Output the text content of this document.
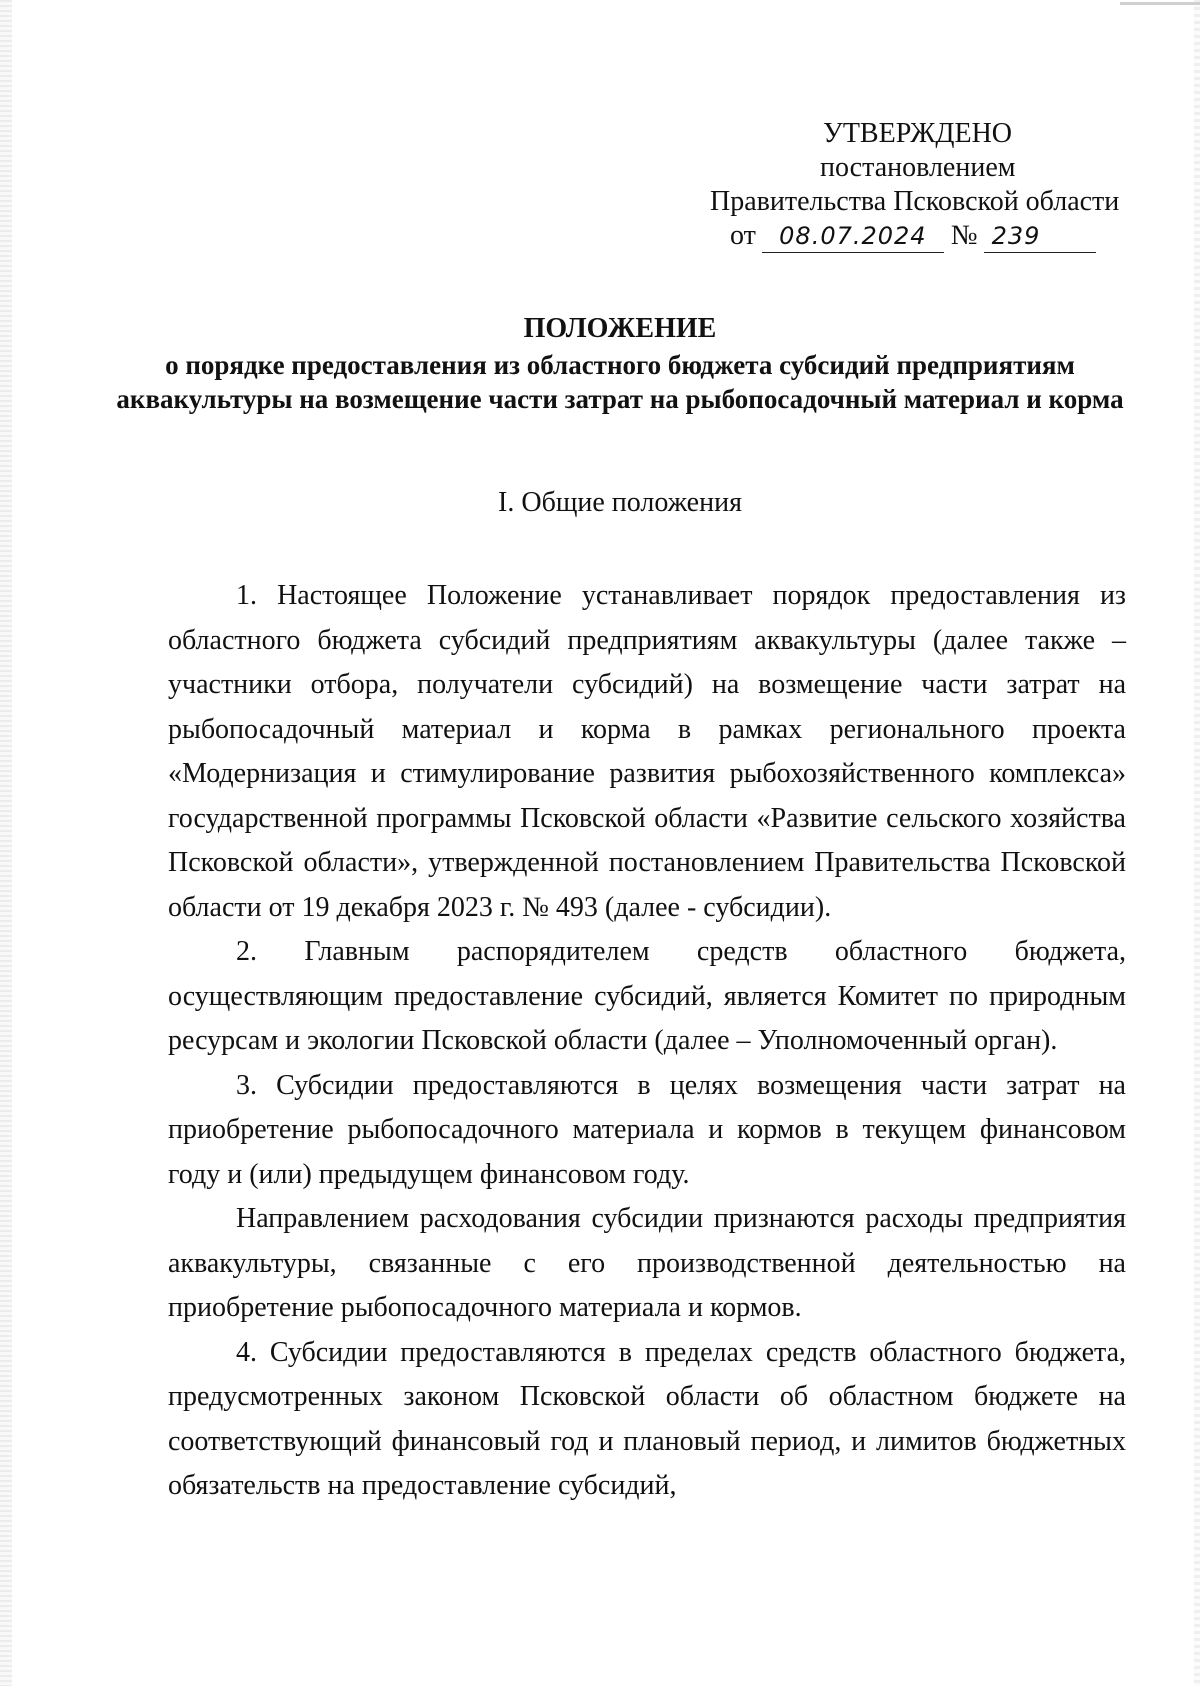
УТВЕРЖДЕНО
постановлением
Правительства Псковской области
от 08.07.2024 № 239
ПОЛОЖЕНИЕ
о порядке предоставления из областного бюджета субсидий предприятиям аквакультуры на возмещение части затрат на рыбопосадочный материал и корма
I. Общие положения

1. Настоящее Положение устанавливает порядок предоставления из областного бюджета субсидий предприятиям аквакультуры (далее также – участники отбора, получатели субсидий) на возмещение части затрат на рыбопосадочный материал и корма в рамках регионального проекта «Модернизация и стимулирование развития рыбохозяйственного комплекса» государственной программы Псковской области «Развитие сельского хозяйства Псковской области», утвержденной постановлением Правительства Псковской области от 19 декабря 2023 г. № 493 (далее - субсидии).

2. Главным распорядителем средств областного бюджета, осуществляющим предоставление субсидий, является Комитет по природным ресурсам и экологии Псковской области (далее – Уполномоченный орган).

3. Субсидии предоставляются в целях возмещения части затрат на приобретение рыбопосадочного материала и кормов в текущем финансовом году и (или) предыдущем финансовом году.

Направлением расходования субсидии признаются расходы предприятия аквакультуры, связанные с его производственной деятельностью на приобретение рыбопосадочного материала и кормов.

4. Субсидии предоставляются в пределах средств областного бюджета, предусмотренных законом Псковской области об областном бюджете на соответствующий финансовый год и плановый период, и лимитов бюджетных обязательств на предоставление субсидий,
